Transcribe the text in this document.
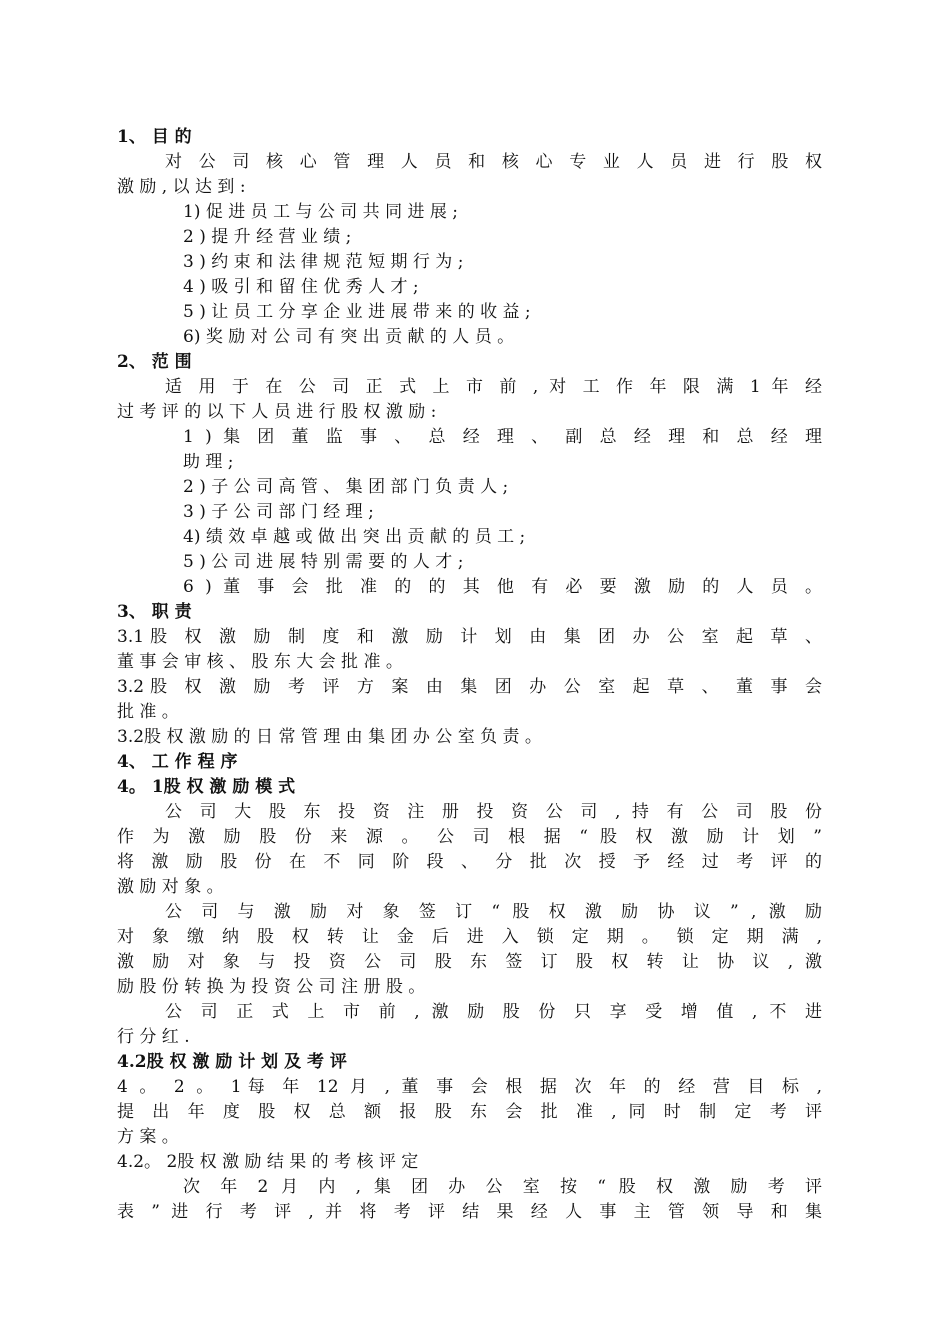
1、 目 的
对 公 司 核 心 管 理 人 员 和 核 心 专 业 人 员 进 行 股 权
激 励 , 以 达 到 :
1) 促 进 员 工 与 公 司 共 同 进 展 ;
2 ) 提 升 经 营 业 绩 ;
3 ) 约 束 和 法 律 规 范 短 期 行 为 ;
4 ) 吸 引 和 留 住 优 秀 人 才 ;
5 ) 让 员 工 分 享 企 业 进 展 带 来 的 收 益 ;
6) 奖 励 对 公 司 有 突 出 贡 献 的 人 员 。
2、 范 围
适 用 于 在 公 司 正 式 上 市 前 , 对 工 作 年 限 满 1 年 经
过 考 评 的 以 下 人 员 进 行 股 权 激 励 :
1 ) 集 团 董 监 事 、 总 经 理 、 副 总 经 理 和 总 经 理
助 理 ;
2 ) 子 公 司 高 管 、 集 团 部 门 负 责 人 ;
3 ) 子 公 司 部 门 经 理 ;
4) 绩 效 卓 越 或 做 出 突 出 贡 献 的 员 工 ;
5 ) 公 司 进 展 特 别 需 要 的 人 才 ;
6 ) 董 事 会 批 准 的 的 其 他 有 必 要 激 励 的 人 员 。
3、 职 责
3.1股 权 激 励 制 度 和 激 励 计 划 由 集 团 办 公 室 起 草 、
董 事 会 审 核 、 股 东 大 会 批 准 。
3.2股 权 激 励 考 评 方 案 由 集 团 办 公 室 起 草 、 董 事 会
批 准 。
3.2股 权 激 励 的 日 常 管 理 由 集 团 办 公 室 负 责 。
4、 工 作 程 序
4。 1股 权 激 励 模 式
公 司 大 股 东 投 资 注 册 投 资 公 司 , 持 有 公 司 股 份
作 为 激 励 股 份 来 源 。 公 司 根 据 “ 股 权 激 励 计 划 ”
将 激 励 股 份 在 不 同 阶 段 、 分 批 次 授 予 经 过 考 评 的
激 励 对 象 。
公 司 与 激 励 对 象 签 订 “ 股 权 激 励 协 议 ” , 激 励
对 象 缴 纳 股 权 转 让 金 后 进 入 锁 定 期 。 锁 定 期 满 ,
激 励 对 象 与 投 资 公 司 股 东 签 订 股 权 转 让 协 议 , 激
励 股 份 转 换 为 投 资 公 司 注 册 股 。
公 司 正 式 上 市 前 , 激 励 股 份 只 享 受 增 值 , 不 进
行 分 红 .
4.2股 权 激 励 计 划 及 考 评
4 。 2 。 1每 年 12 月 , 董 事 会 根 据 次 年 的 经 营 目 标 ,
提 出 年 度 股 权 总 额 报 股 东 会 批 准 , 同 时 制 定 考 评
方 案 。
4.2。 2股 权 激 励 结 果 的 考 核 评 定
次 年 2 月 内 , 集 团 办 公 室 按 “ 股 权 激 励 考 评
表 ” 进 行 考 评 , 并 将 考 评 结 果 经 人 事 主 管 领 导 和 集
